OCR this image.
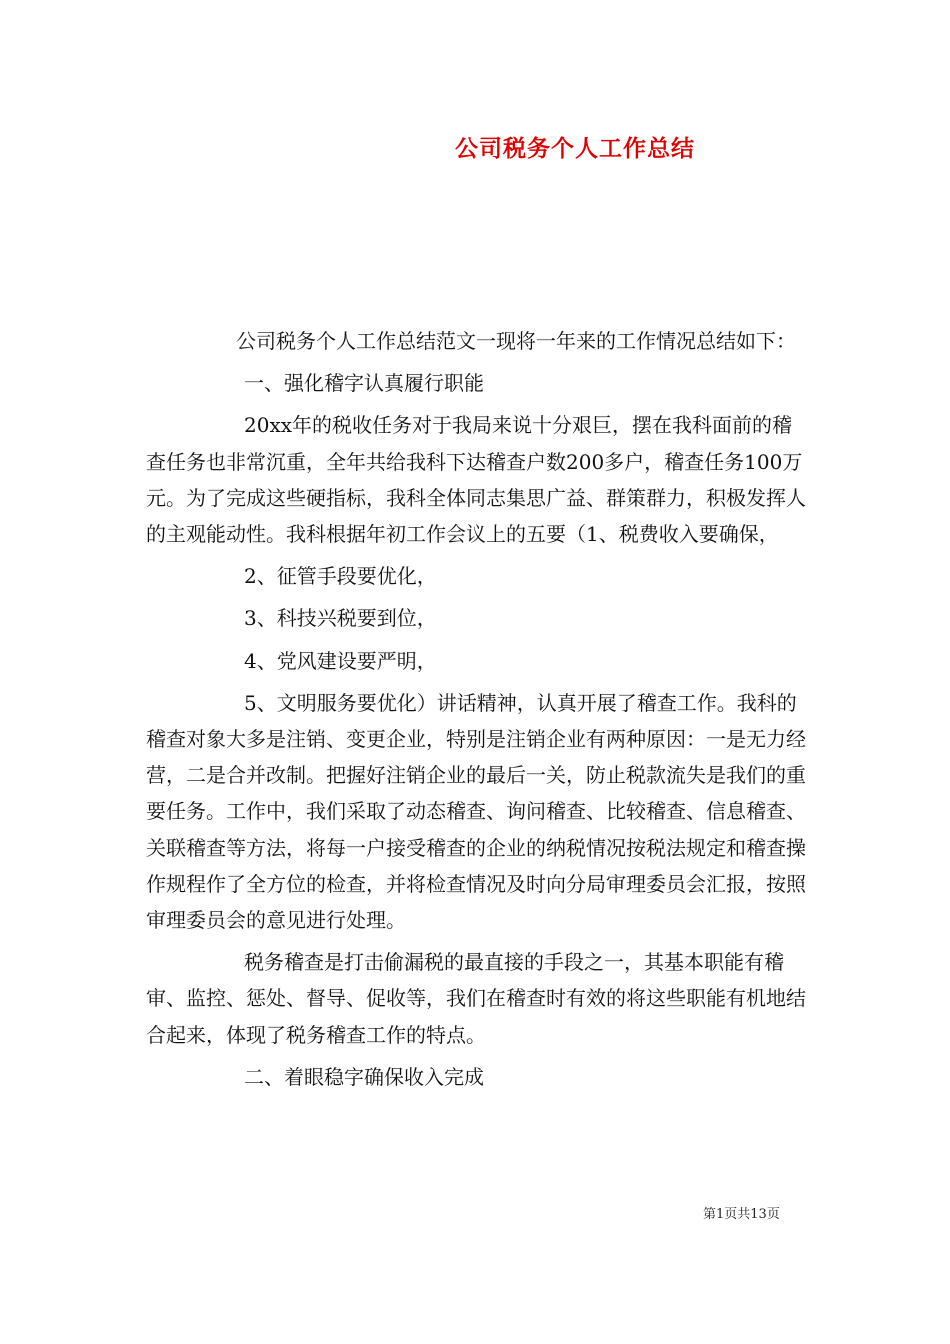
公司税务个人工作总结

公司税务个人工作总结范文一现将一年来的工作情况总结如下：

一、强化稽字认真履行职能

20xx年的税收任务对于我局来说十分艰巨，摆在我科面前的稽查任务也非常沉重，全年共给我科下达稽查户数200多户，稽查任务100万元。为了完成这些硬指标，我科全体同志集思广益、群策群力，积极发挥人的主观能动性。我科根据年初工作会议上的五要（1、税费收入要确保，

2、征管手段要优化，

3、科技兴税要到位，

4、党风建设要严明，

5、文明服务要优化）讲话精神，认真开展了稽查工作。我科的稽查对象大多是注销、变更企业，特别是注销企业有两种原因：一是无力经营，二是合并改制。把握好注销企业的最后一关，防止税款流失是我们的重要任务。工作中，我们采取了动态稽查、询问稽查、比较稽查、信息稽查、关联稽查等方法，将每一户接受稽查的企业的纳税情况按税法规定和稽查操作规程作了全方位的检查，并将检查情况及时向分局审理委员会汇报，按照审理委员会的意见进行处理。

税务稽查是打击偷漏税的最直接的手段之一，其基本职能有稽审、监控、惩处、督导、促收等，我们在稽查时有效的将这些职能有机地结合起来，体现了税务稽查工作的特点。

二、着眼稳字确保收入完成

第1页共13页
